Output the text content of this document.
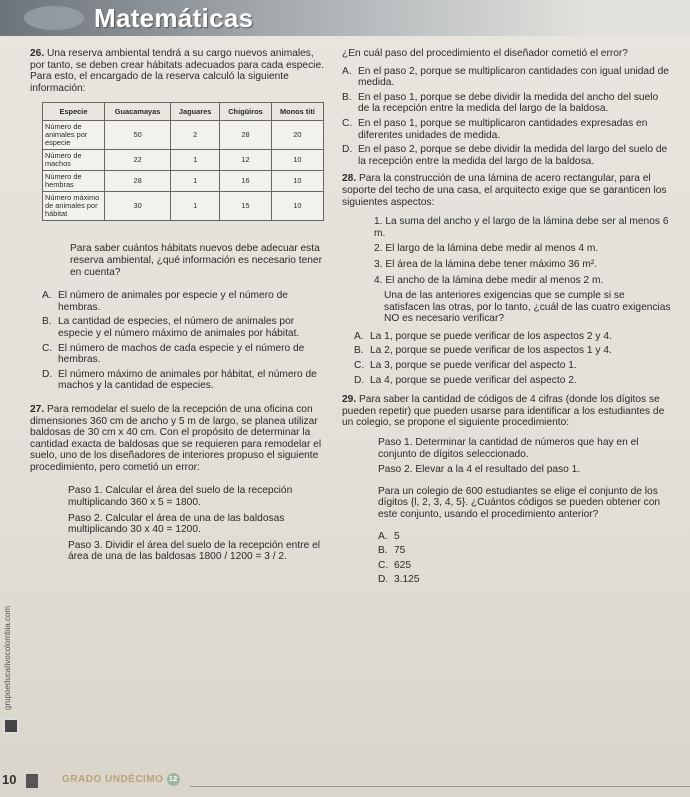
Matemáticas
26. Una reserva ambiental tendrá a su cargo nuevos animales, por tanto, se deben crear hábitats adecuados para cada especie. Para esto, el encargado de la reserva calculó la siguiente información:
Especie	Guacamayas	Jaguares	Chigüiros	Monos tití
Número de animales por especie	50	2	28	20
Número de machos	22	1	12	10
Número de hembras	28	1	16	10
Número máximo de animales por hábitat	30	1	15	10
Para saber cuántos hábitats nuevos debe adecuar esta reserva ambiental, ¿qué información es necesario tener en cuenta?
A. El número de animales por especie y el número de hembras.
B. La cantidad de especies, el número de animales por especie y el número máximo de animales por hábitat.
C. El número de machos de cada especie y el número de hembras.
D. El número máximo de animales por hábitat, el número de machos y la cantidad de especies.
27. Para remodelar el suelo de la recepción de una oficina con dimensiones 360 cm de ancho y 5 m de largo, se planea utilizar baldosas de 30 cm x 40 cm. Con el propósito de determinar la cantidad exacta de baldosas que se requieren para remodelar el suelo, uno de los diseñadores de interiores propuso el siguiente procedimiento, pero cometió un error:
Paso 1. Calcular el área del suelo de la recepción multiplicando 360 x 5 = 1800.
Paso 2. Calcular el área de una de las baldosas multiplicando 30 x 40 = 1200.
Paso 3. Dividir el área del suelo de la recepción entre el área de una de las baldosas 1800 / 1200 = 3 / 2.
¿En cuál paso del procedimiento el diseñador cometió el error?
A. En el paso 2, porque se multiplicaron cantidades con igual unidad de medida.
B. En el paso 1, porque se debe dividir la medida del ancho del suelo de la recepción entre la medida del largo de la baldosa.
C. En el paso 1, porque se multiplicaron cantidades expresadas en diferentes unidades de medida.
D. En el paso 2, porque se debe dividir la medida del largo del suelo de la recepción entre la medida del largo de la baldosa.
28. Para la construcción de una lámina de acero rectangular, para el soporte del techo de una casa, el arquitecto exige que se garanticen los siguientes aspectos:
1. La suma del ancho y el largo de la lámina debe ser al menos 6 m.
2. El largo de la lámina debe medir al menos 4 m.
3. El área de la lámina debe tener máximo 36 m².
4. El ancho de la lámina debe medir al menos 2 m.
Una de las anteriores exigencias que se cumple si se satisfacen las otras, por lo tanto, ¿cuál de las cuatro exigencias NO es necesario verificar?
A. La 1, porque se puede verificar de los aspectos 2 y 4.
B. La 2, porque se puede verificar de los aspectos 1 y 4.
C. La 3, porque se puede verificar del aspecto 1.
D. La 4, porque se puede verificar del aspecto 2.
29. Para saber la cantidad de códigos de 4 cifras (donde los dígitos se pueden repetir) que pueden usarse para identificar a los estudiantes de un colegio, se propone el siguiente procedimiento:
Paso 1. Determinar la cantidad de números que hay en el conjunto de dígitos seleccionado.
Paso 2. Elevar a la 4 el resultado del paso 1.
Para un colegio de 600 estudiantes se elige el conjunto de los dígitos {l, 2, 3, 4, 5}. ¿Cuántos códigos se pueden obtener con este conjunto, usando el procedimiento anterior?
A. 5
B. 75
C. 625
D. 3.125
grupoeducativocolombia.com
10	GRADO UNDÉCIMO 12
